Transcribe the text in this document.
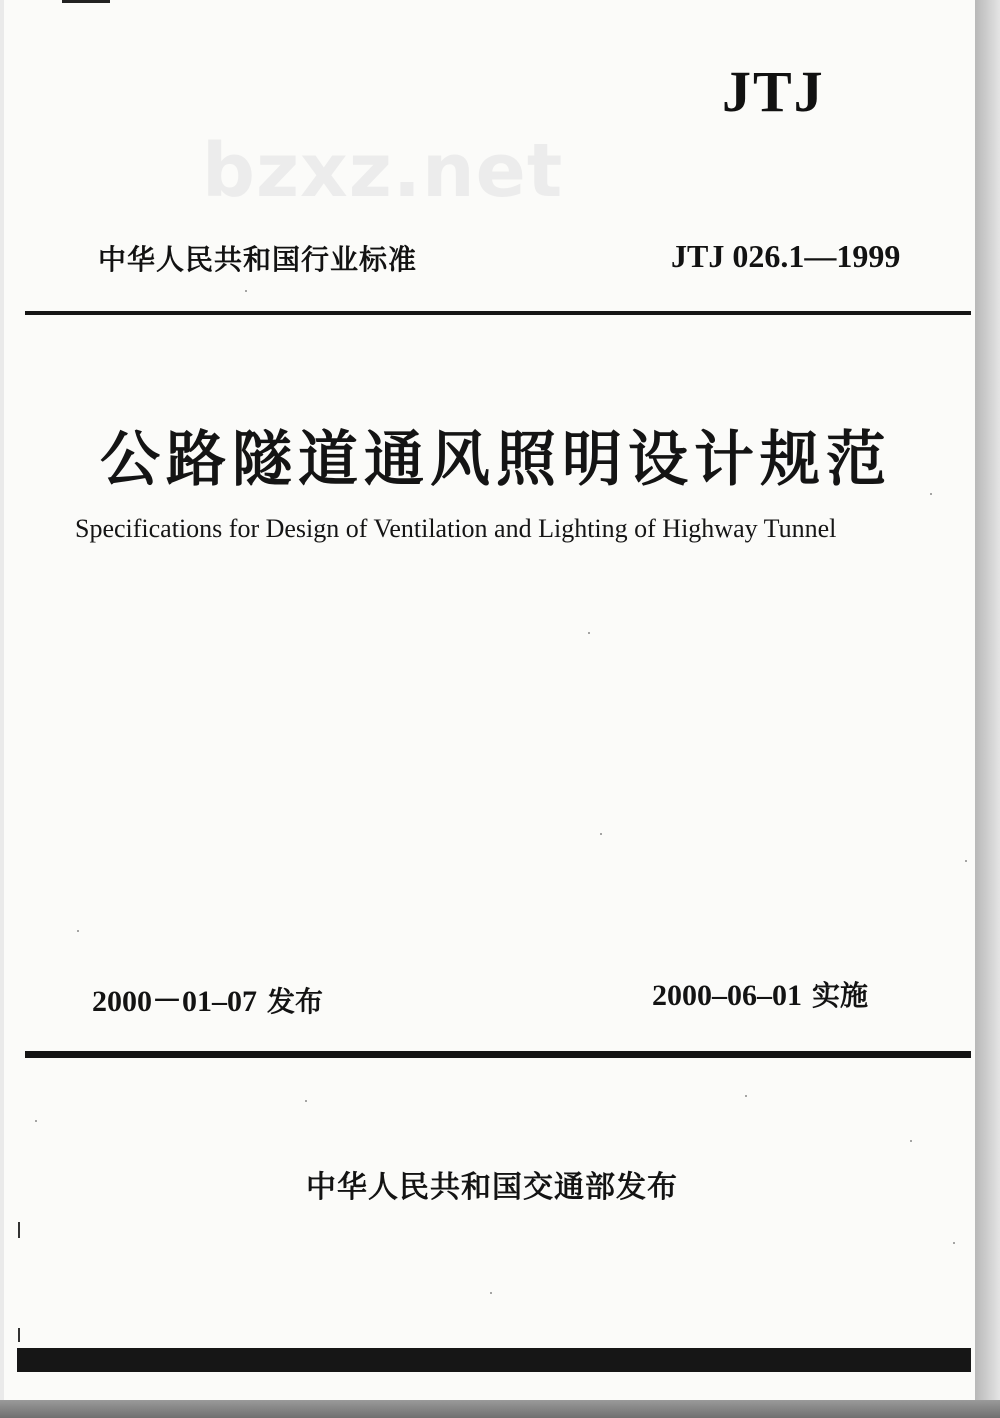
JTJ
bzxz.net
中华人民共和国行业标准	JTJ 026.1—1999
公路隧道通风照明设计规范
Specifications for Design of Ventilation and Lighting of Highway Tunnel
2000－01–07 发布	2000–06–01 实施
中华人民共和国交通部发布
